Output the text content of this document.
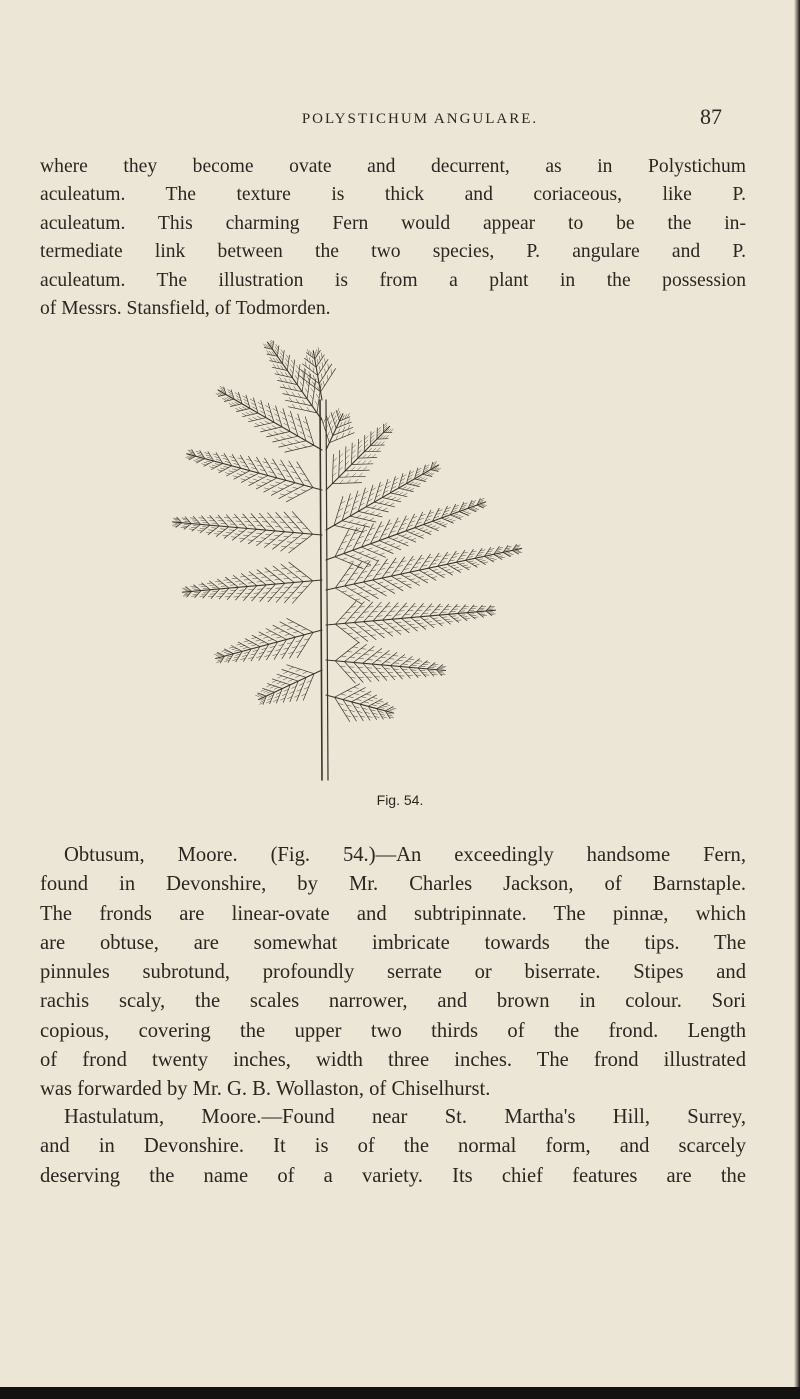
POLYSTICHUM ANGULARE.	87
where they become ovate and decurrent, as in Polystichum
aculeatum. The texture is thick and coriaceous, like P.
aculeatum. This charming Fern would appear to be the in-
termediate link between the two species, P. angulare and P.
aculeatum. The illustration is from a plant in the possession
of Messrs. Stansfield, of Todmorden.
Fig. 54.
Obtusum, Moore. (Fig. 54.)—An exceedingly handsome Fern,
found in Devonshire, by Mr. Charles Jackson, of Barnstaple.
The fronds are linear-ovate and subtripinnate. The pinnæ, which
are obtuse, are somewhat imbricate towards the tips. The
pinnules subrotund, profoundly serrate or biserrate. Stipes and
rachis scaly, the scales narrower, and brown in colour. Sori
copious, covering the upper two thirds of the frond. Length
of frond twenty inches, width three inches. The frond illustrated
was forwarded by Mr. G. B. Wollaston, of Chiselhurst.
Hastulatum, Moore.—Found near St. Martha's Hill, Surrey,
and in Devonshire. It is of the normal form, and scarcely
deserving the name of a variety. Its chief features are the
